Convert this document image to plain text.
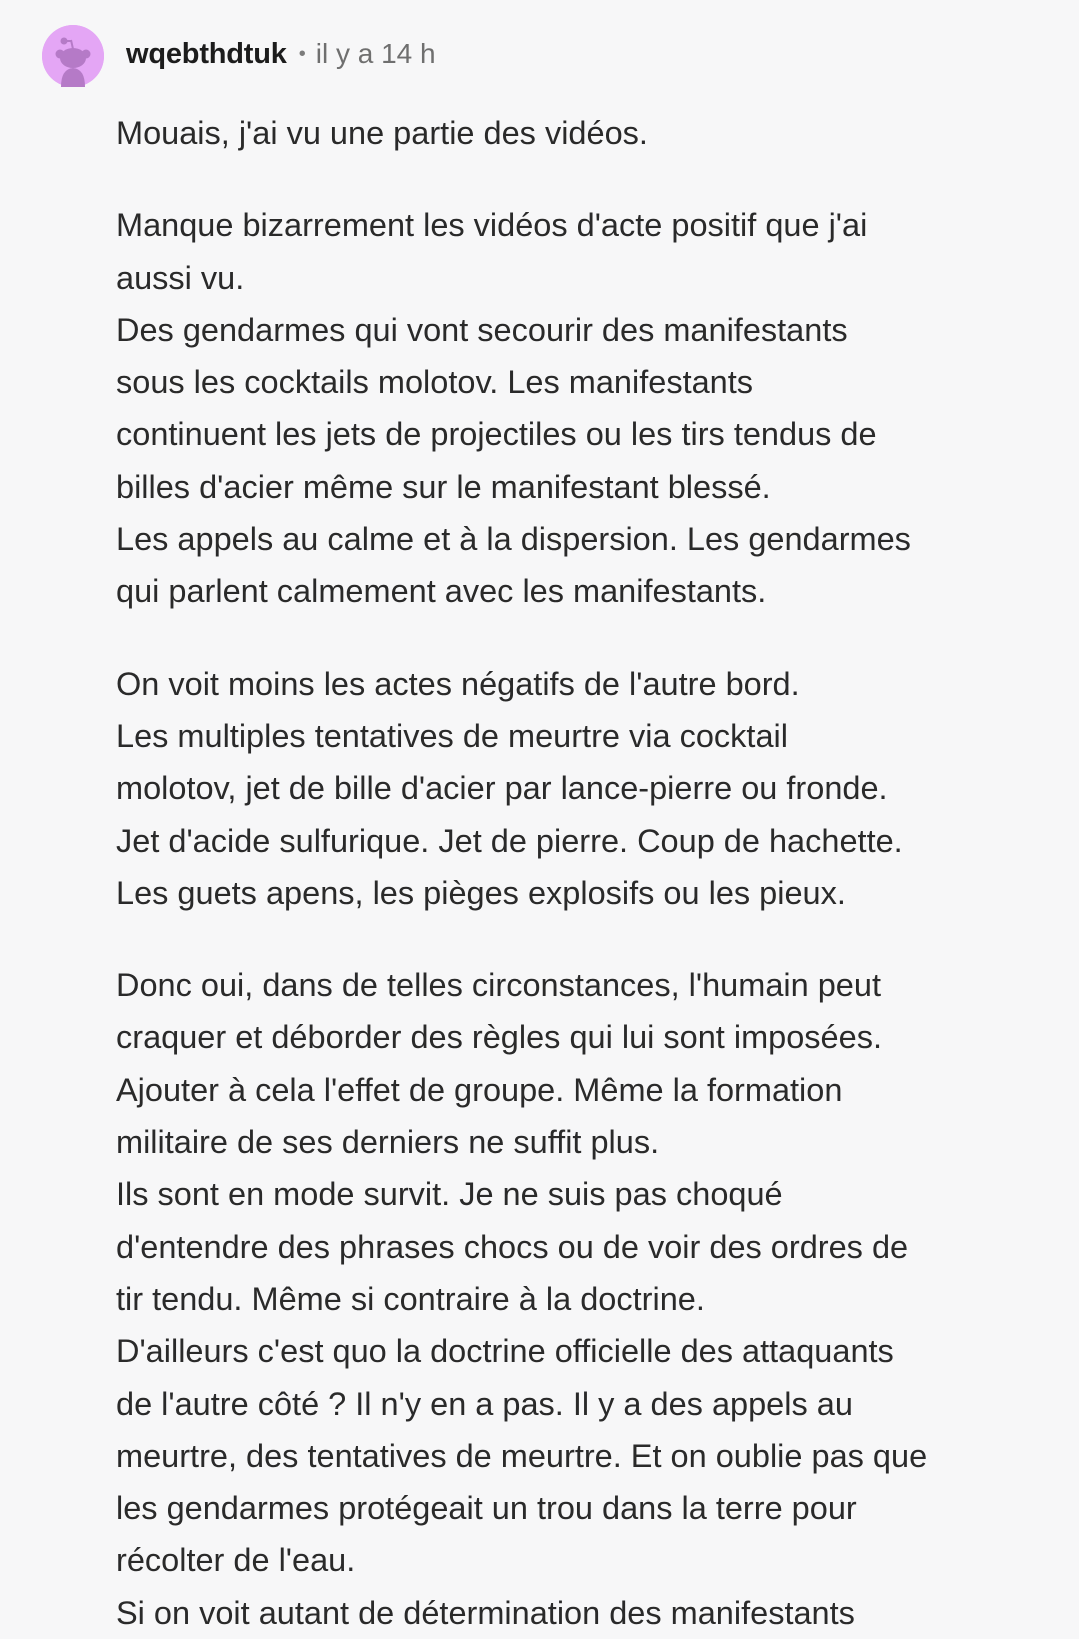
wqebthdtuk • il y a 14 h

Mouais, j'ai vu une partie des vidéos.

Manque bizarrement les vidéos d'acte positif que j'ai
aussi vu.
Des gendarmes qui vont secourir des manifestants
sous les cocktails molotov. Les manifestants
continuent les jets de projectiles ou les tirs tendus de
billes d'acier même sur le manifestant blessé.
Les appels au calme et à la dispersion. Les gendarmes
qui parlent calmement avec les manifestants.

On voit moins les actes négatifs de l'autre bord.
Les multiples tentatives de meurtre via cocktail
molotov, jet de bille d'acier par lance-pierre ou fronde.
Jet d'acide sulfurique. Jet de pierre. Coup de hachette.
Les guets apens, les pièges explosifs ou les pieux.

Donc oui, dans de telles circonstances, l'humain peut
craquer et déborder des règles qui lui sont imposées.
Ajouter à cela l'effet de groupe. Même la formation
militaire de ses derniers ne suffit plus.
Ils sont en mode survit. Je ne suis pas choqué
d'entendre des phrases chocs ou de voir des ordres de
tir tendu. Même si contraire à la doctrine.
D'ailleurs c'est quo la doctrine officielle des attaquants
de l'autre côté ? Il n'y en a pas. Il y a des appels au
meurtre, des tentatives de meurtre. Et on oublie pas que
les gendarmes protégeait un trou dans la terre pour
récolter de l'eau.
Si on voit autant de détermination des manifestants
